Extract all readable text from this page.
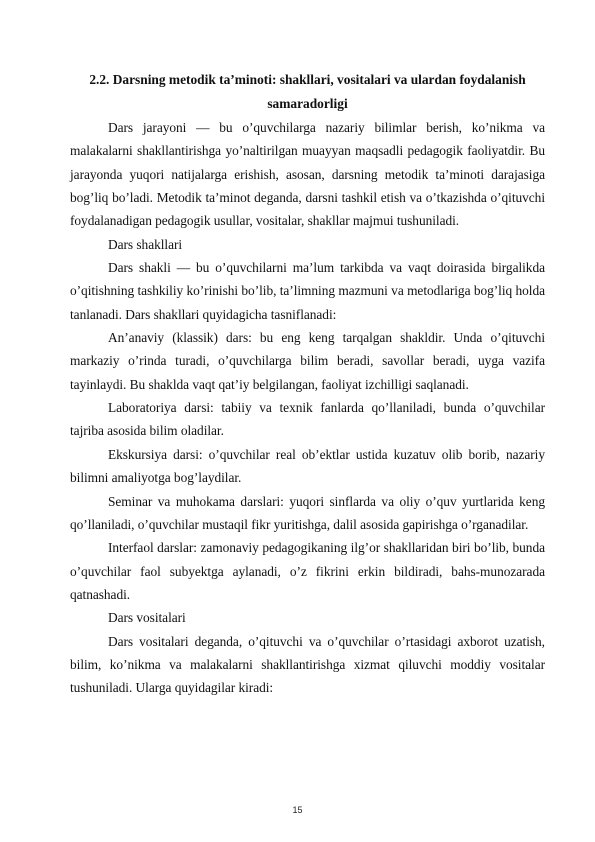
2.2. Darsning metodik ta’minoti: shakllari, vositalari va ulardan foydalanish samaradorligi

Dars jarayoni — bu o’quvchilarga nazariy bilimlar berish, ko’nikma va malakalarni shakllantirishga yo’naltirilgan muayyan maqsadli pedagogik faoliyatdir. Bu jarayonda yuqori natijalarga erishish, asosan, darsning metodik ta’minoti darajasiga bog’liq bo’ladi. Metodik ta’minot deganda, darsni tashkil etish va o’tkazishda o’qituvchi foydalanadigan pedagogik usullar, vositalar, shakllar majmui tushuniladi.

Dars shakllari

Dars shakli — bu o’quvchilarni ma’lum tarkibda va vaqt doirasida birgalikda o’qitishning tashkiliy ko’rinishi bo’lib, ta’limning mazmuni va metodlariga bog’liq holda tanlanadi. Dars shakllari quyidagicha tasniflanadi:

An’anaviy (klassik) dars: bu eng keng tarqalgan shakldir. Unda o’qituvchi markaziy o’rinda turadi, o’quvchilarga bilim beradi, savollar beradi, uyga vazifa tayinlaydi. Bu shaklda vaqt qat’iy belgilangan, faoliyat izchilligi saqlanadi.

Laboratoriya darsi: tabiiy va texnik fanlarda qo’llaniladi, bunda o’quvchilar tajriba asosida bilim oladilar.

Ekskursiya darsi: o’quvchilar real ob’ektlar ustida kuzatuv olib borib, nazariy bilimni amaliyotga bog’laydilar.

Seminar va muhokama darslari: yuqori sinflarda va oliy o’quv yurtlarida keng qo’llaniladi, o’quvchilar mustaqil fikr yuritishga, dalil asosida gapirishga o’rganadilar.

Interfaol darslar: zamonaviy pedagogikaning ilg’or shakllaridan biri bo’lib, bunda o’quvchilar faol subyektga aylanadi, o’z fikrini erkin bildiradi, bahs-munozarada qatnashadi.

Dars vositalari

Dars vositalari deganda, o’qituvchi va o’quvchilar o’rtasidagi axborot uzatish, bilim, ko’nikma va malakalarni shakllantirishga xizmat qiluvchi moddiy vositalar tushuniladi. Ularga quyidagilar kiradi:

15
